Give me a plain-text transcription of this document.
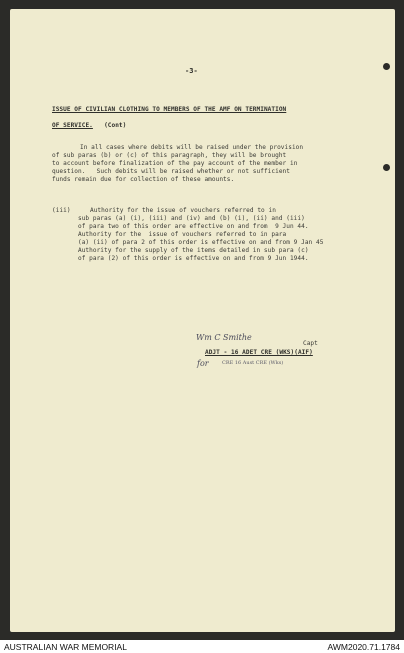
-3-
ISSUE OF CIVILIAN CLOTHING TO MEMBERS OF THE AMF ON TERMINATION
OF SERVICE. (Cont)
In all cases where debits will be raised under the provision
of sub paras (b) or (c) of this paragraph, they will be brought
to account before finalization of the pay account of the member in
question.   Such debits will be raised whether or not sufficient
funds remain due for collection of these amounts.
(iii)	Authority for the issue of vouchers referred to in
sub paras (a) (i), (iii) and (iv) and (b) (i), (ii) and (iii)
of para two of this order are effective on and from  9 Jun 44.
Authority for the  issue of vouchers referred to in para
(a) (ii) of para 2 of this order is effective on and from 9 Jan 45
Authority for the supply of the items detailed in sub para (c)
of para (2) of this order is effective on and from 9 Jun 1944.
Wm C Smithe
Capt
ADJT - 16 ADET CRE (WKS)(AIF)
for	CRE 16 Aust CRE (Wks)
AUSTRALIAN WAR MEMORIAL	AWM2020.71.1784
